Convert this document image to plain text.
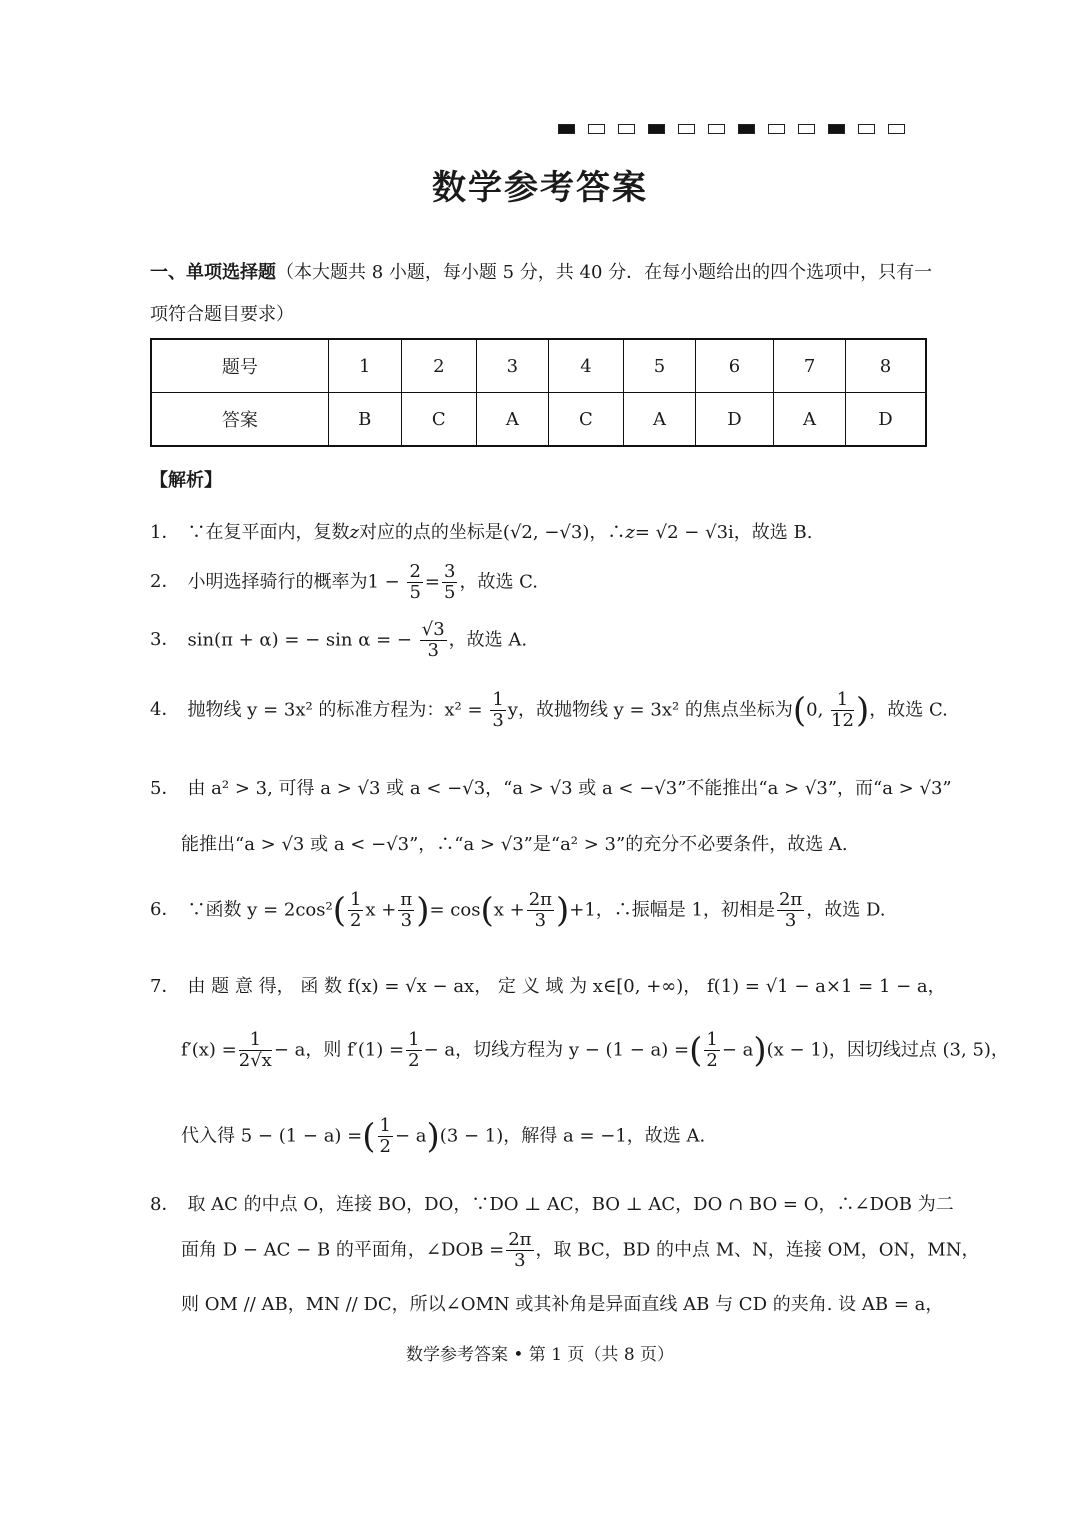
数学参考答案
一、单项选择题（本大题共 8 小题，每小题 5 分，共 40 分．在每小题给出的四个选项中，只有一项符合题目要求）
题号	1	2	3	4	5	6	7	8
答案	B	C	A	C	A	D	A	D
【解析】
1． ∵在复平面内，复数z对应的点的坐标是(√2, −√3)，∴z= √2 − √3i，故选 B.
2． 小明选择骑行的概率为$1 - \frac{2}{5} = \frac{3}{5}$ ，故选 C.
3． sin(π + α) = − sin α = − $\frac{√3}{3}$ ，故选 A.
4． 抛物线 y = 3x² 的标准方程为：$x^2 = \frac{1}{3}$ y，故抛物线 y = 3x² 的焦点坐标为(0, $\frac{1}{12}$ )，故选 C.
5． 由 a² > 3, 可得 a > √3 或 a < −√3，“a > √3 或 a < −√3”不能推出“a > √3”，而“a > √3”
能推出“a > √3 或 a < −√3”，∴“a > √3”是“a² > 3”的充分不必要条件，故选 A.
6． ∵函数 $y = 2\cos^2( \frac{1}{2}$ $x + \frac{\pi}{3}$ )= $\cos(x + \frac{2\pi}{3} )+1$，∴振幅是 1，初相是 $\frac{2\pi}{3}$ ，故选 D.
7． 由 题 意 得， 函 数 f(x) = √x − ax， 定 义 域 为 x∈[0, +∞)， f(1) = √1 − a×1 = 1 − a，
$f'(x) = \frac{1}{2√x} - a$，则 $f'(1) = \frac{1}{2} - a$，切线方程为 y − (1 − a) =( $\frac{1}{2} - a)(x - 1)$，因切线过点 (3, 5)，
代入得 5 − (1 − a) =( $\frac{1}{2} - a)(3 - 1)$，解得 a = −1，故选 A.
8． 取 AC 的中点 O，连接 BO，DO，∵DO ⊥ AC，BO ⊥ AC，DO ∩ BO = O，∴∠DOB 为二
面角 D − AC − B 的平面角，∠DOB = $\frac{2\pi}{3}$ ，取 BC，BD 的中点 M、N，连接 OM，ON，MN，
则 OM // AB，MN // DC，所以∠OMN 或其补角是异面直线 AB 与 CD 的夹角. 设 AB = a，
数学参考答案 • 第 1 页（共 8 页）
